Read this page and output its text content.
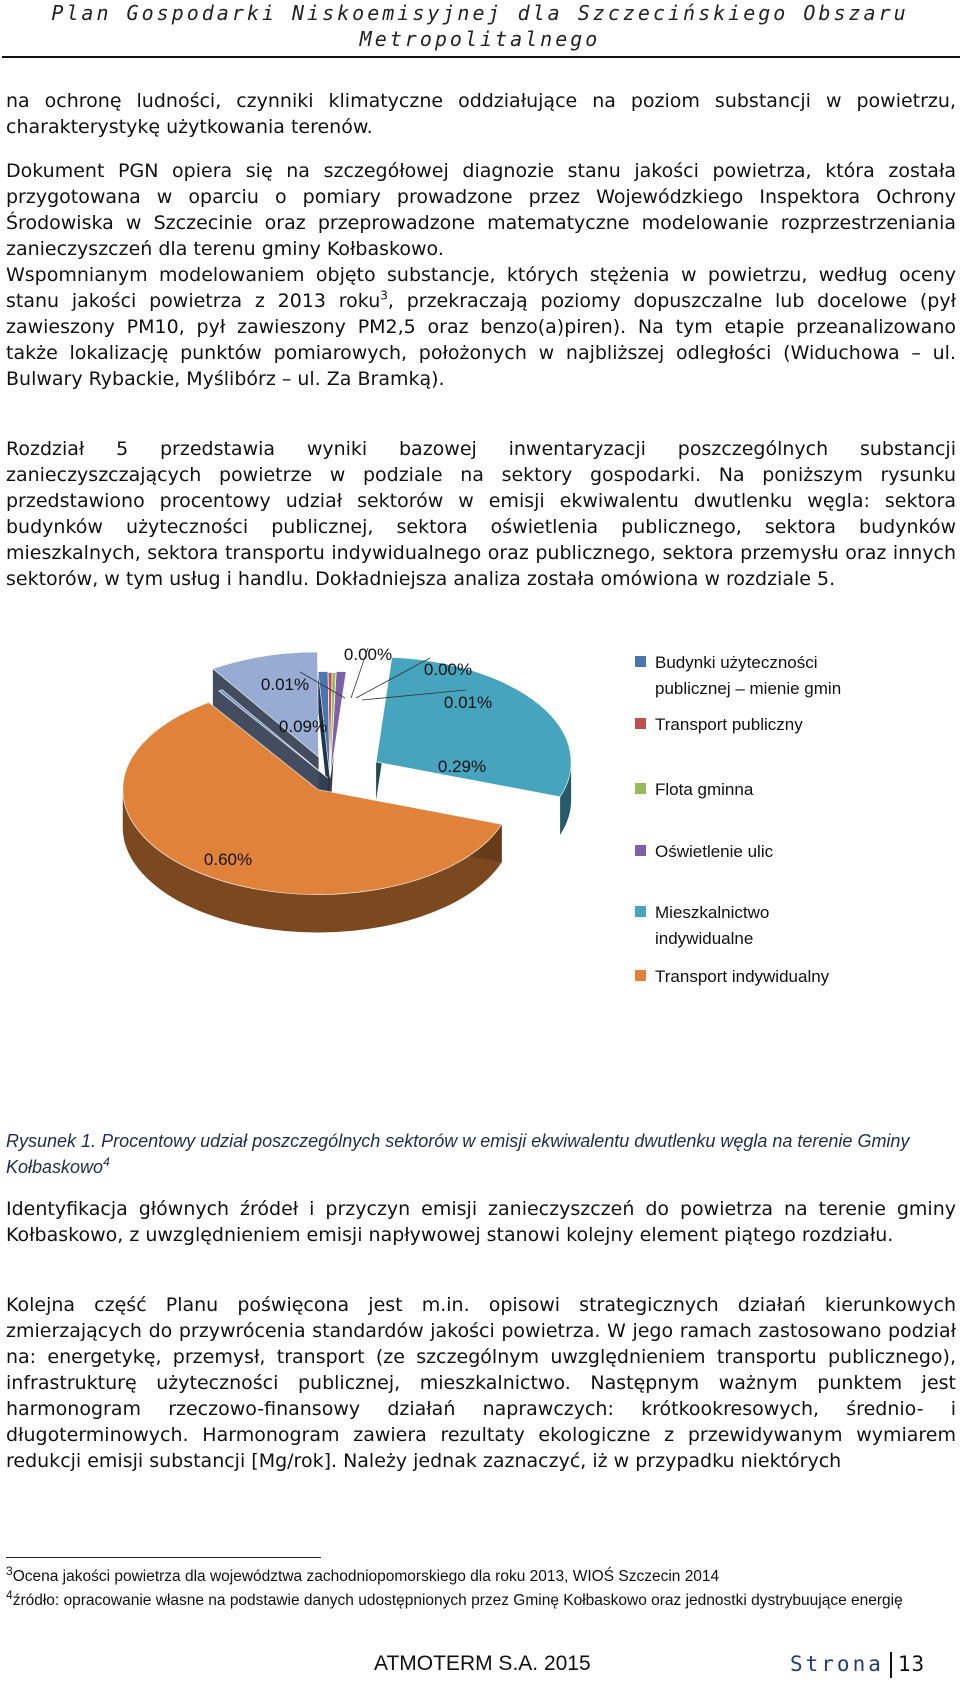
Plan Gospodarki Niskoemisyjnej dla Szczecińskiego Obszaru
Metropolitalnego

na ochronę ludności, czynniki klimatyczne oddziałujące na poziom substancji w powietrzu, charakterystykę użytkowania terenów.

Dokument PGN opiera się na szczegółowej diagnozie stanu jakości powietrza, która została przygotowana w oparciu o pomiary prowadzone przez Wojewódzkiego Inspektora Ochrony Środowiska w Szczecinie oraz przeprowadzone matematyczne modelowanie rozprzestrzeniania zanieczyszczeń dla terenu gminy Kołbaskowo.

Wspomnianym modelowaniem objęto substancje, których stężenia w powietrzu, według oceny stanu jakości powietrza z 2013 roku$^3$, przekraczają poziomy dopuszczalne lub docelowe (pył zawieszony PM10, pył zawieszony PM2,5 oraz benzo(a)piren). Na tym etapie przeanalizowano także lokalizację punktów pomiarowych, położonych w najbliższej odległości (Widuchowa – ul. Bulwary Rybackie, Myślibórz – ul. Za Bramką).

Rozdział 5 przedstawia wyniki bazowej inwentaryzacji poszczególnych substancji zanieczyszczających powietrze w podziale na sektory gospodarki. Na poniższym rysunku przedstawiono procentowy udział sektorów w emisji ekwiwalentu dwutlenku węgla: sektora budynków użyteczności publicznej, sektora oświetlenia publicznego, sektora budynków mieszkalnych, sektora transportu indywidualnego oraz publicznego, sektora przemysłu oraz innych sektorów, w tym usług i handlu. Dokładniejsza analiza została omówiona w rozdziale 5.

0.01%
0.00%
0.00%
0.01%
0.29%
0.60%
0.09%
Budynki użyteczności
publicznej – mienie gmin
Transport publiczny
Flota gminna
Oświetlenie ulic
Mieszkalnictwo
indywidualne
Transport indywidualny

Rysunek 1. Procentowy udział poszczególnych sektorów w emisji ekwiwalentu dwutlenku węgla na terenie Gminy Kołbaskowo$^4$

Identyfikacja głównych źródeł i przyczyn emisji zanieczyszczeń do powietrza na terenie gminy Kołbaskowo, z uwzględnieniem emisji napływowej stanowi kolejny element piątego rozdziału.

Kolejna część Planu poświęcona jest m.in. opisowi strategicznych działań kierunkowych zmierzających do przywrócenia standardów jakości powietrza. W jego ramach zastosowano podział na: energetykę, przemysł, transport (ze szczególnym uwzględnieniem transportu publicznego), infrastrukturę użyteczności publicznej, mieszkalnictwo. Następnym ważnym punktem jest harmonogram rzeczowo-finansowy działań naprawczych: krótkookresowych, średnio- i długoterminowych. Harmonogram zawiera rezultaty ekologiczne z przewidywanym wymiarem redukcji emisji substancji [Mg/rok]. Należy jednak zaznaczyć, iż w przypadku niektórych

$^3$Ocena jakości powietrza dla województwa zachodniopomorskiego dla roku 2013, WIOŚ Szczecin 2014

$^4$źródło: opracowanie własne na podstawie danych udostępnionych przez Gminę Kołbaskowo oraz jednostki dystrybuujące energię

ATMOTERM S.A. 2015	Strona 13
